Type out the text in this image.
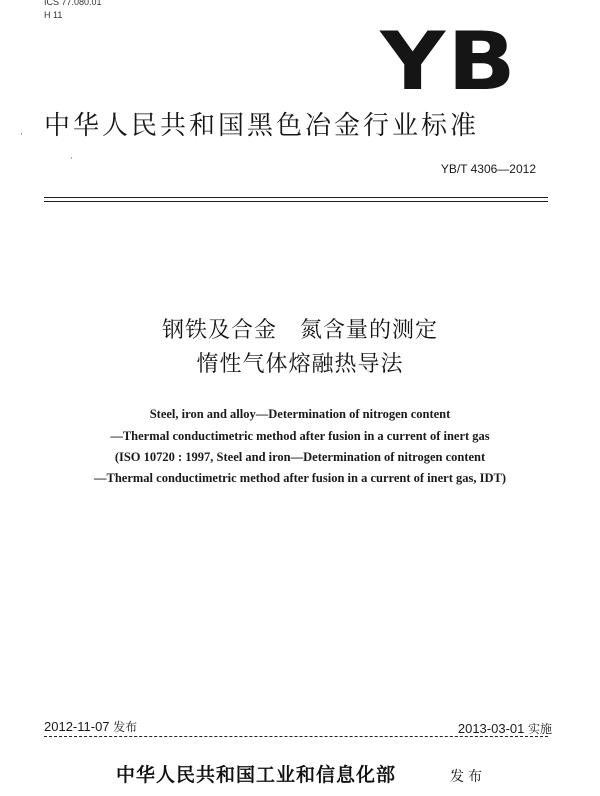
ICS 77.080.01
H 11	YB
·
·
中华人民共和国黑色冶金行业标准
YB/T 4306—2012
钢铁及合金　氮含量的测定
惰性气体熔融热导法
Steel, iron and alloy—Determination of nitrogen content
—Thermal conductimetric method after fusion in a current of inert gas
(ISO 10720 : 1997, Steel and iron—Determination of nitrogen content
—Thermal conductimetric method after fusion in a current of inert gas, IDT)
2012-11-07 发布	2013-03-01 实施
中华人民共和国工业和信息化部	发布
